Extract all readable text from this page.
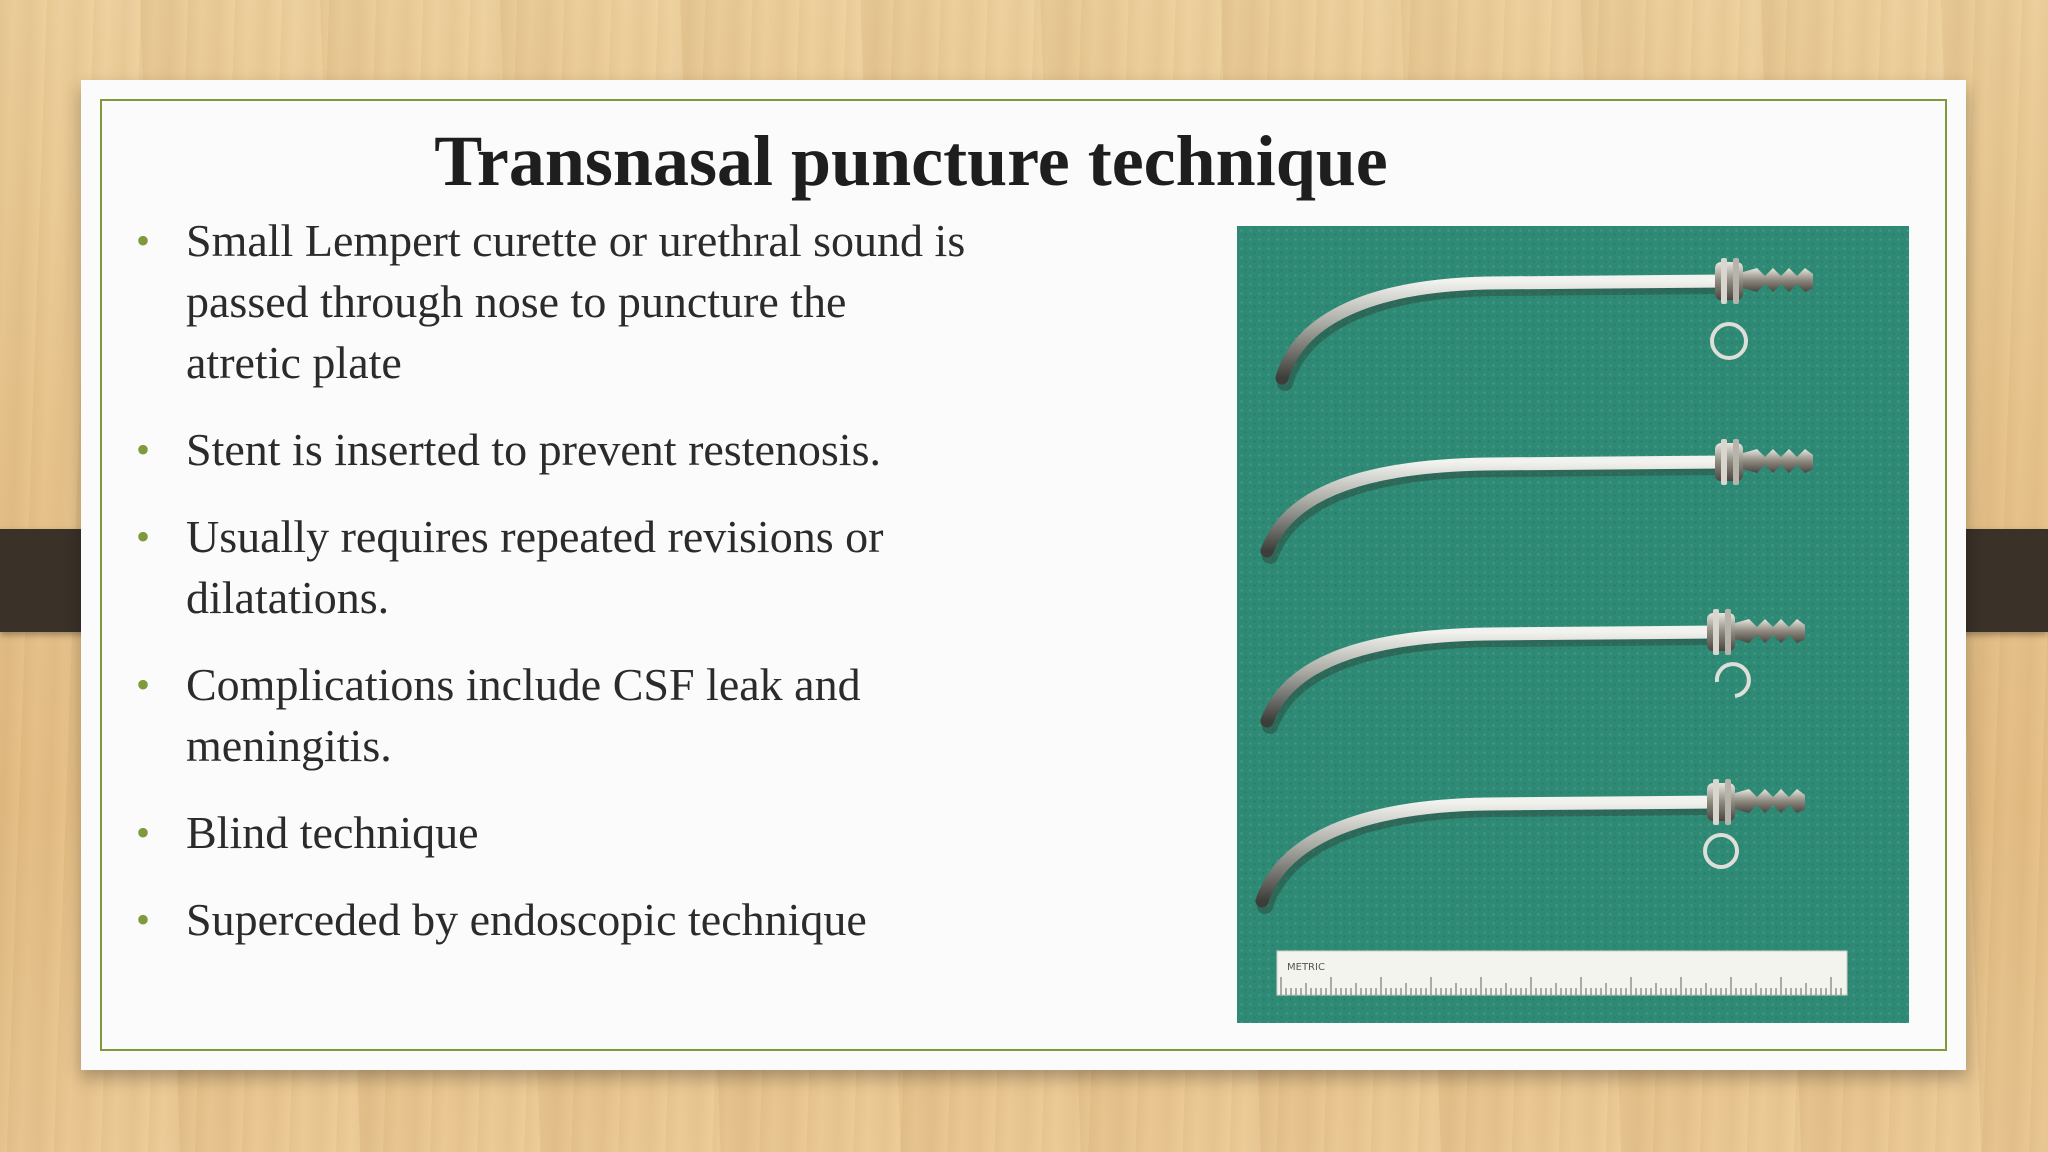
Transnasal puncture technique
• Small Lempert curette or urethral sound is
passed through nose to puncture the
atretic plate
• Stent is inserted to prevent restenosis.
• Usually requires repeated revisions or
dilatations.
• Complications include CSF leak and
meningitis.
• Blind technique
• Superceded by endoscopic technique
METRIC
